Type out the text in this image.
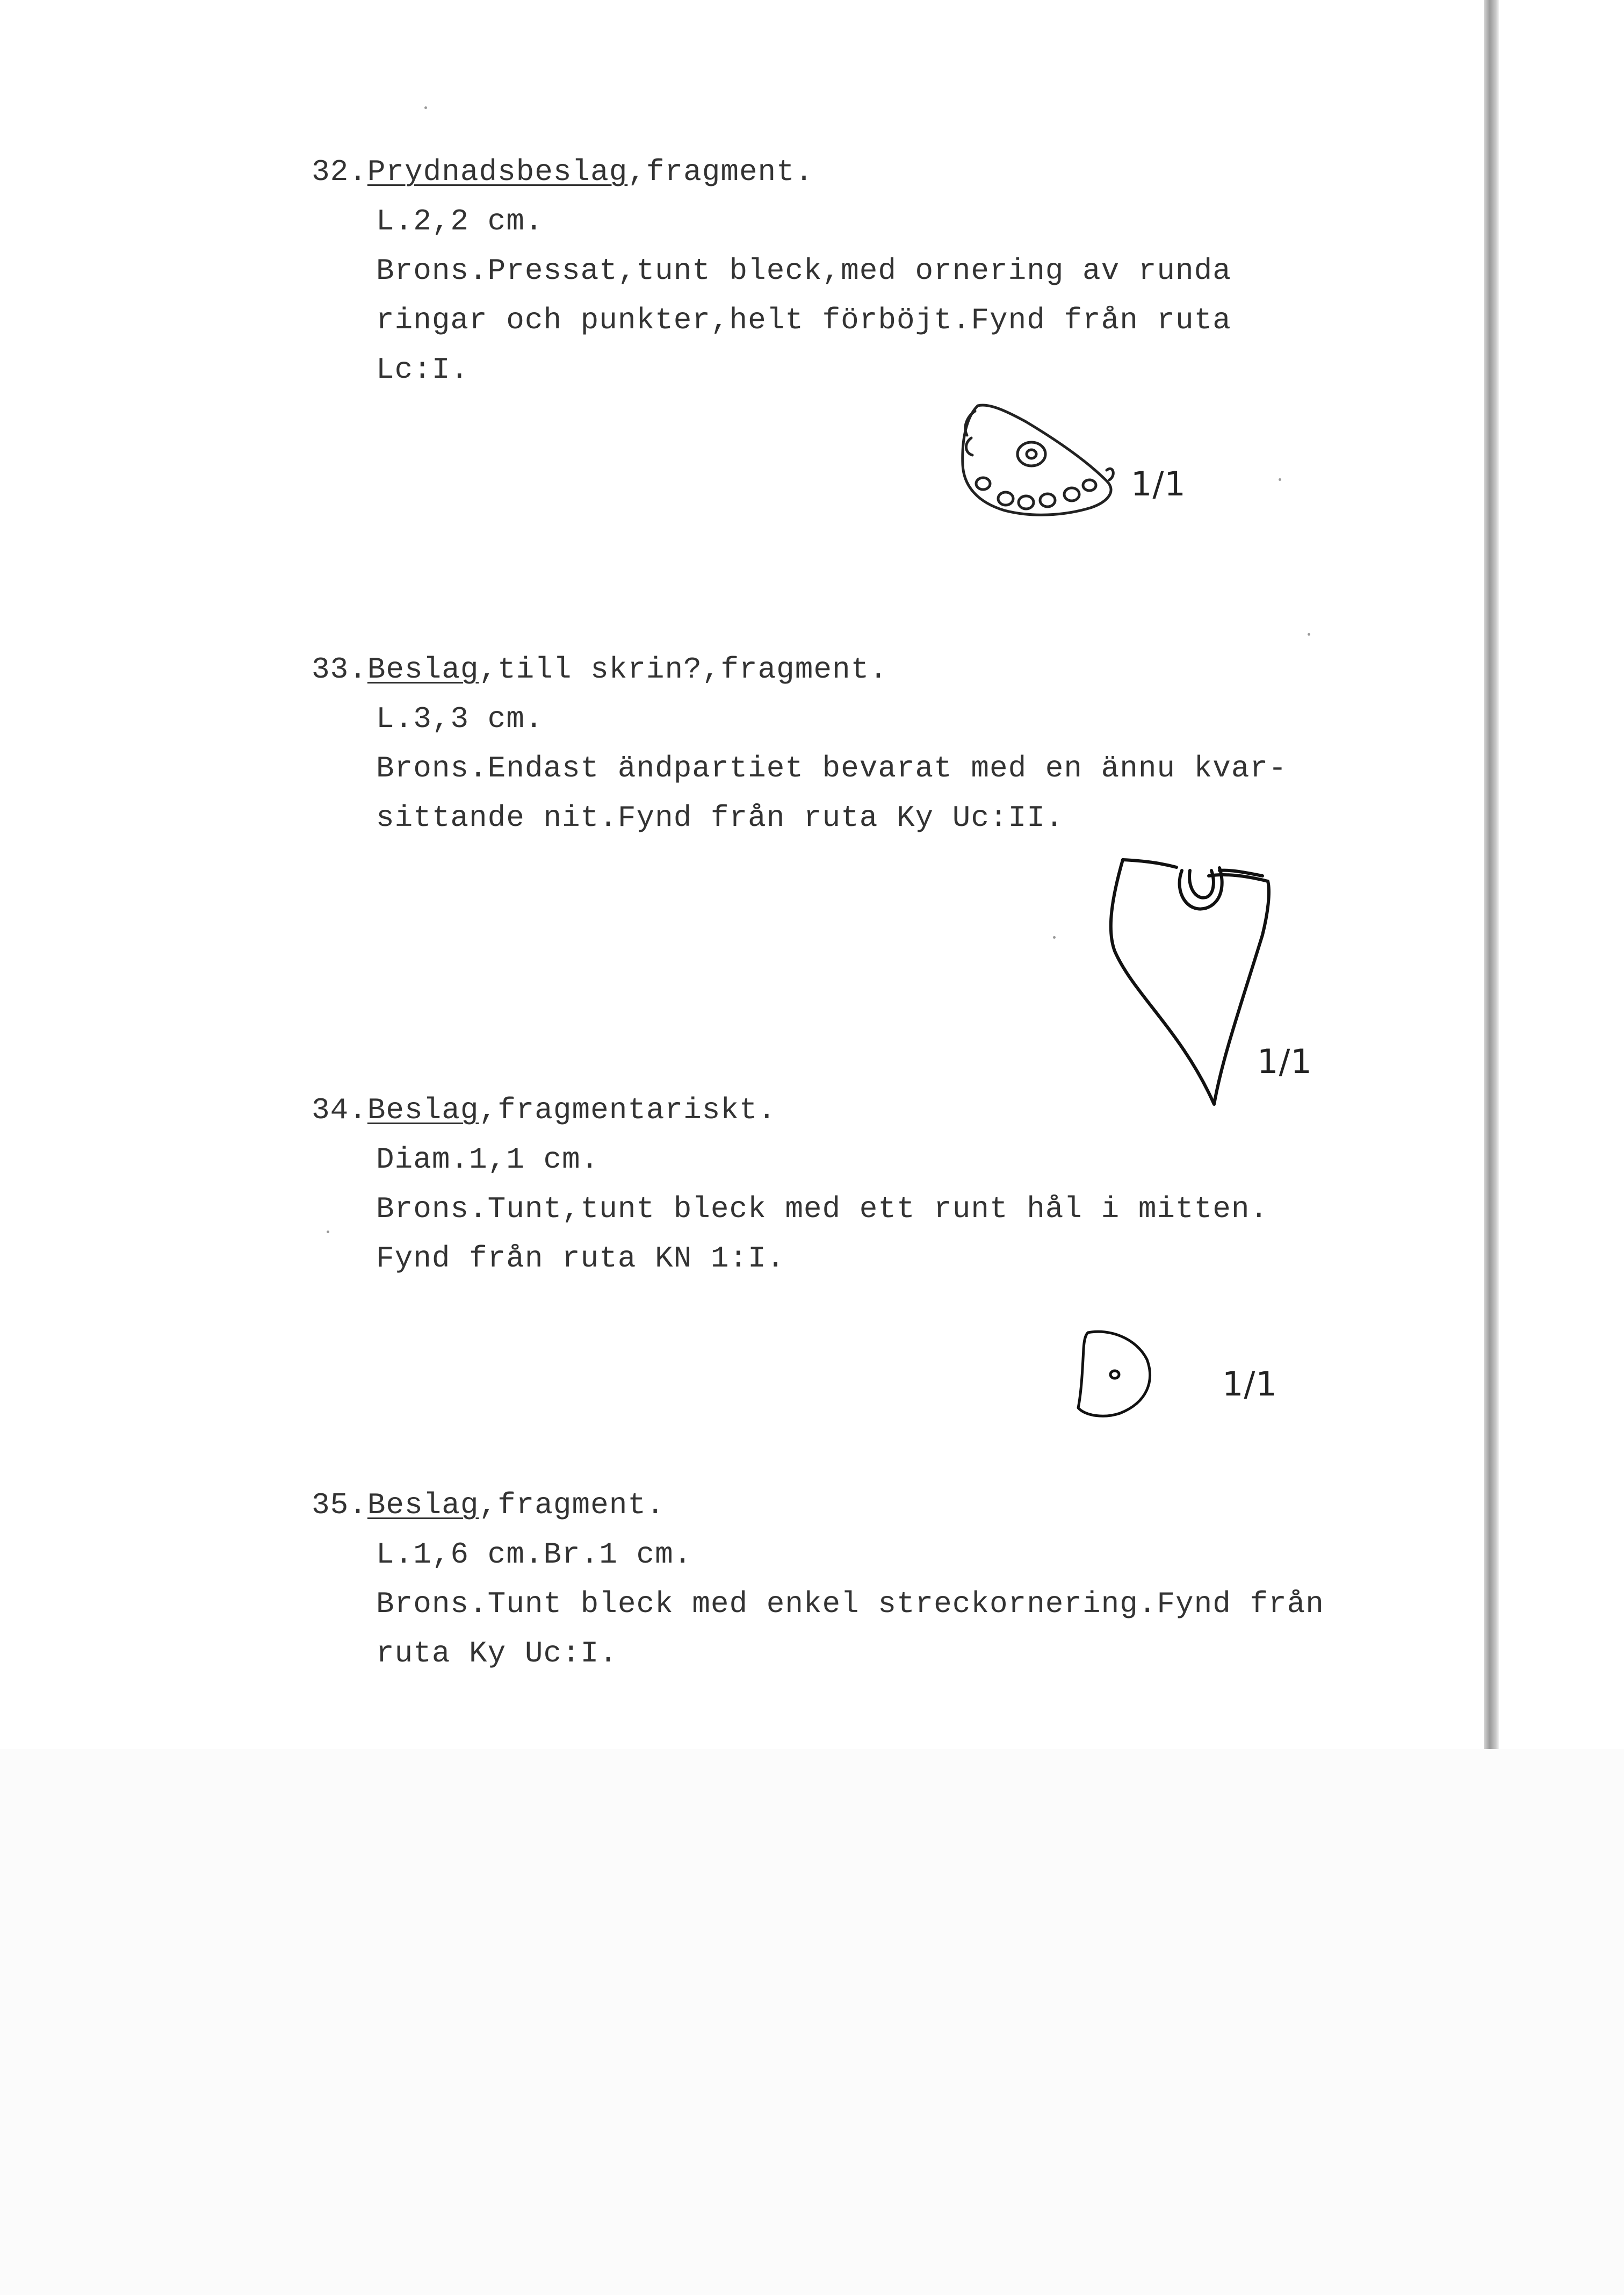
32.Prydnadsbeslag,fragment.
L.2,2 cm.
Brons.Pressat,tunt bleck,med ornering av runda
ringar och punkter,helt förböjt.Fynd från ruta
Lc:I.
1/1
33.Beslag,till skrin?,fragment.
L.3,3 cm.
Brons.Endast ändpartiet bevarat med en ännu kvar-
sittande nit.Fynd från ruta Ky Uc:II.
1/1
34.Beslag,fragmentariskt.
Diam.1,1 cm.
Brons.Tunt,tunt bleck med ett runt hål i mitten.
Fynd från ruta KN 1:I.
1/1
35.Beslag,fragment.
L.1,6 cm.Br.1 cm.
Brons.Tunt bleck med enkel streckornering.Fynd från
ruta Ky Uc:I.
